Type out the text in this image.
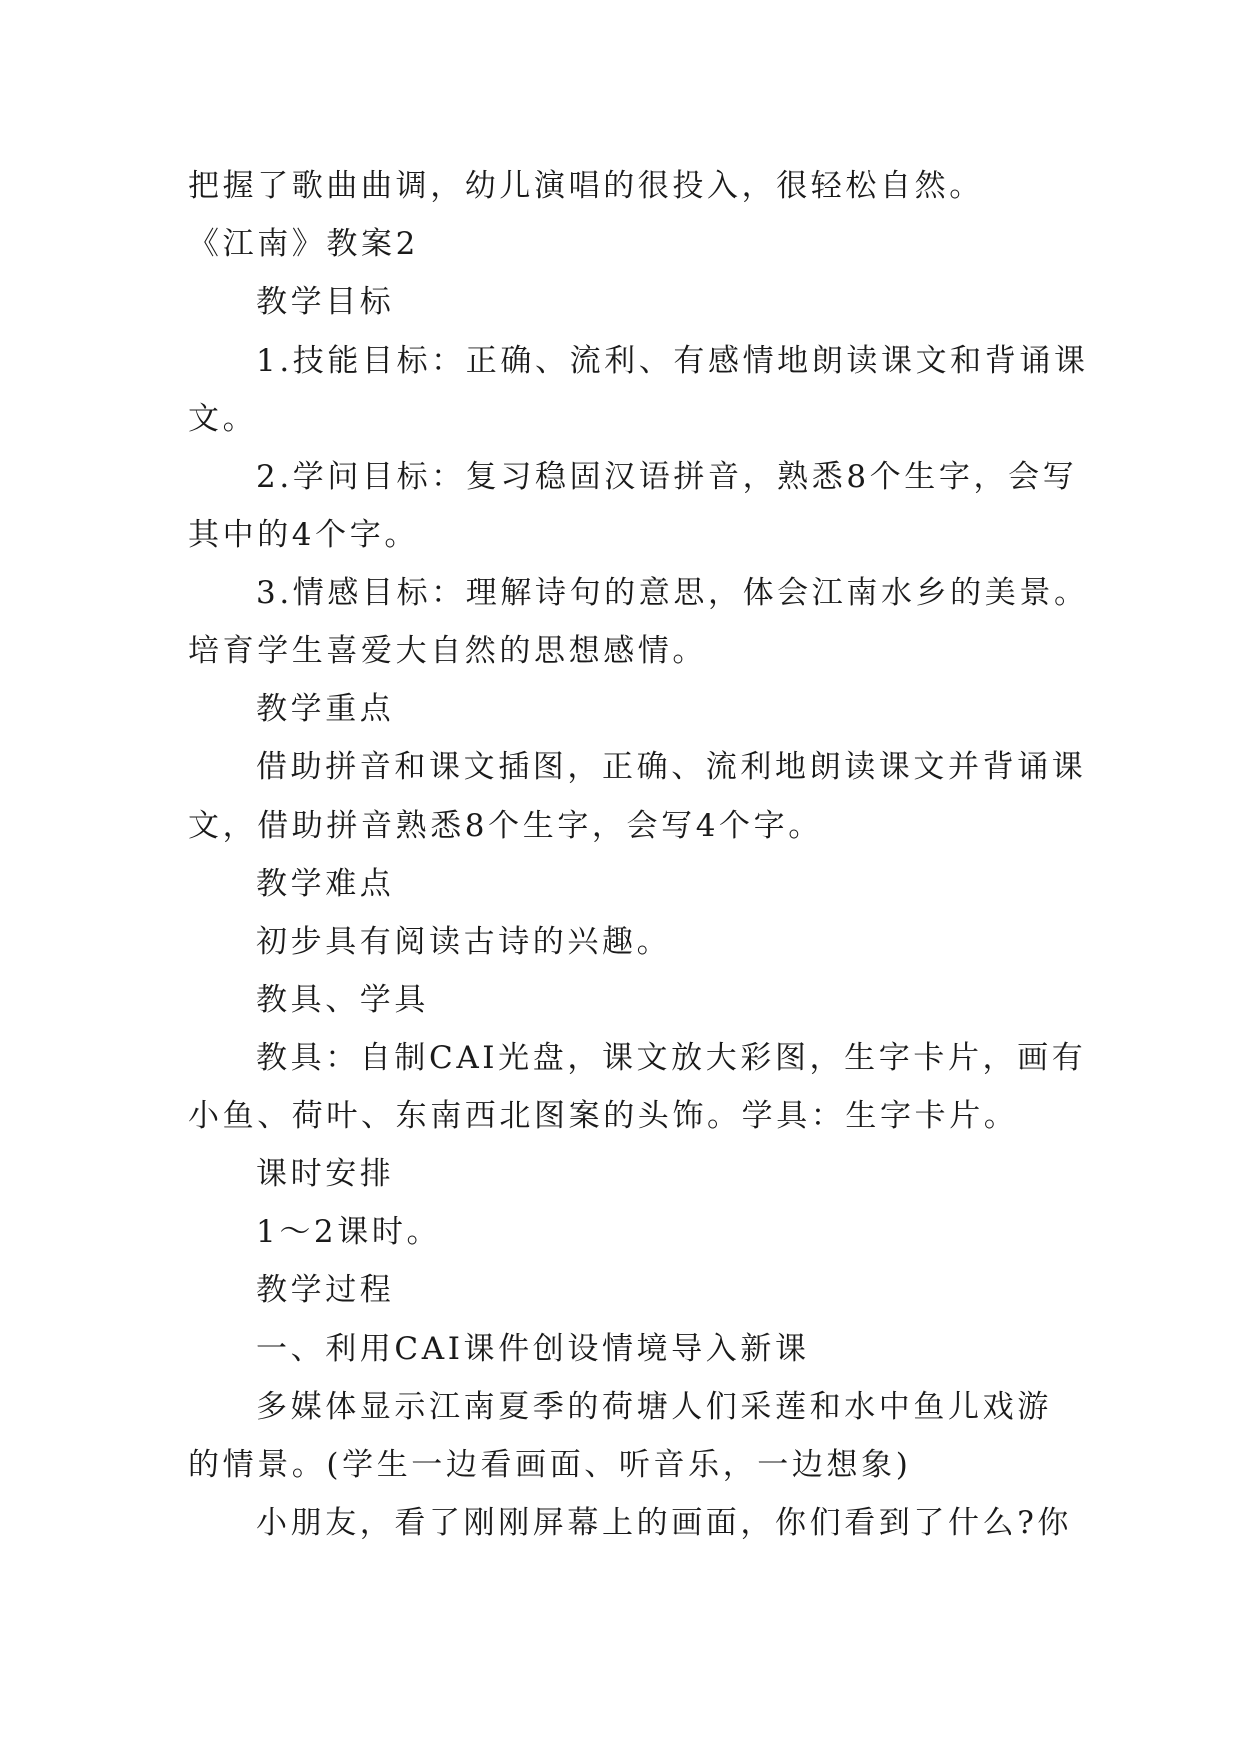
把握了歌曲曲调，幼儿演唱的很投入，很轻松自然。
《江南》教案2
教学目标
1.技能目标：正确、流利、有感情地朗读课文和背诵课
文。
2.学问目标：复习稳固汉语拼音，熟悉8个生字，会写
其中的4个字。
3.情感目标：理解诗句的意思，体会江南水乡的美景。
培育学生喜爱大自然的思想感情。
教学重点
借助拼音和课文插图，正确、流利地朗读课文并背诵课
文，借助拼音熟悉8个生字，会写4个字。
教学难点
初步具有阅读古诗的兴趣。
教具、学具
教具：自制CAI光盘，课文放大彩图，生字卡片，画有
小鱼、荷叶、东南西北图案的头饰。学具：生字卡片。
课时安排
1～2课时。
教学过程
一、利用CAI课件创设情境导入新课
多媒体显示江南夏季的荷塘人们采莲和水中鱼儿戏游
的情景。(学生一边看画面、听音乐，一边想象)
小朋友，看了刚刚屏幕上的画面，你们看到了什么?你
